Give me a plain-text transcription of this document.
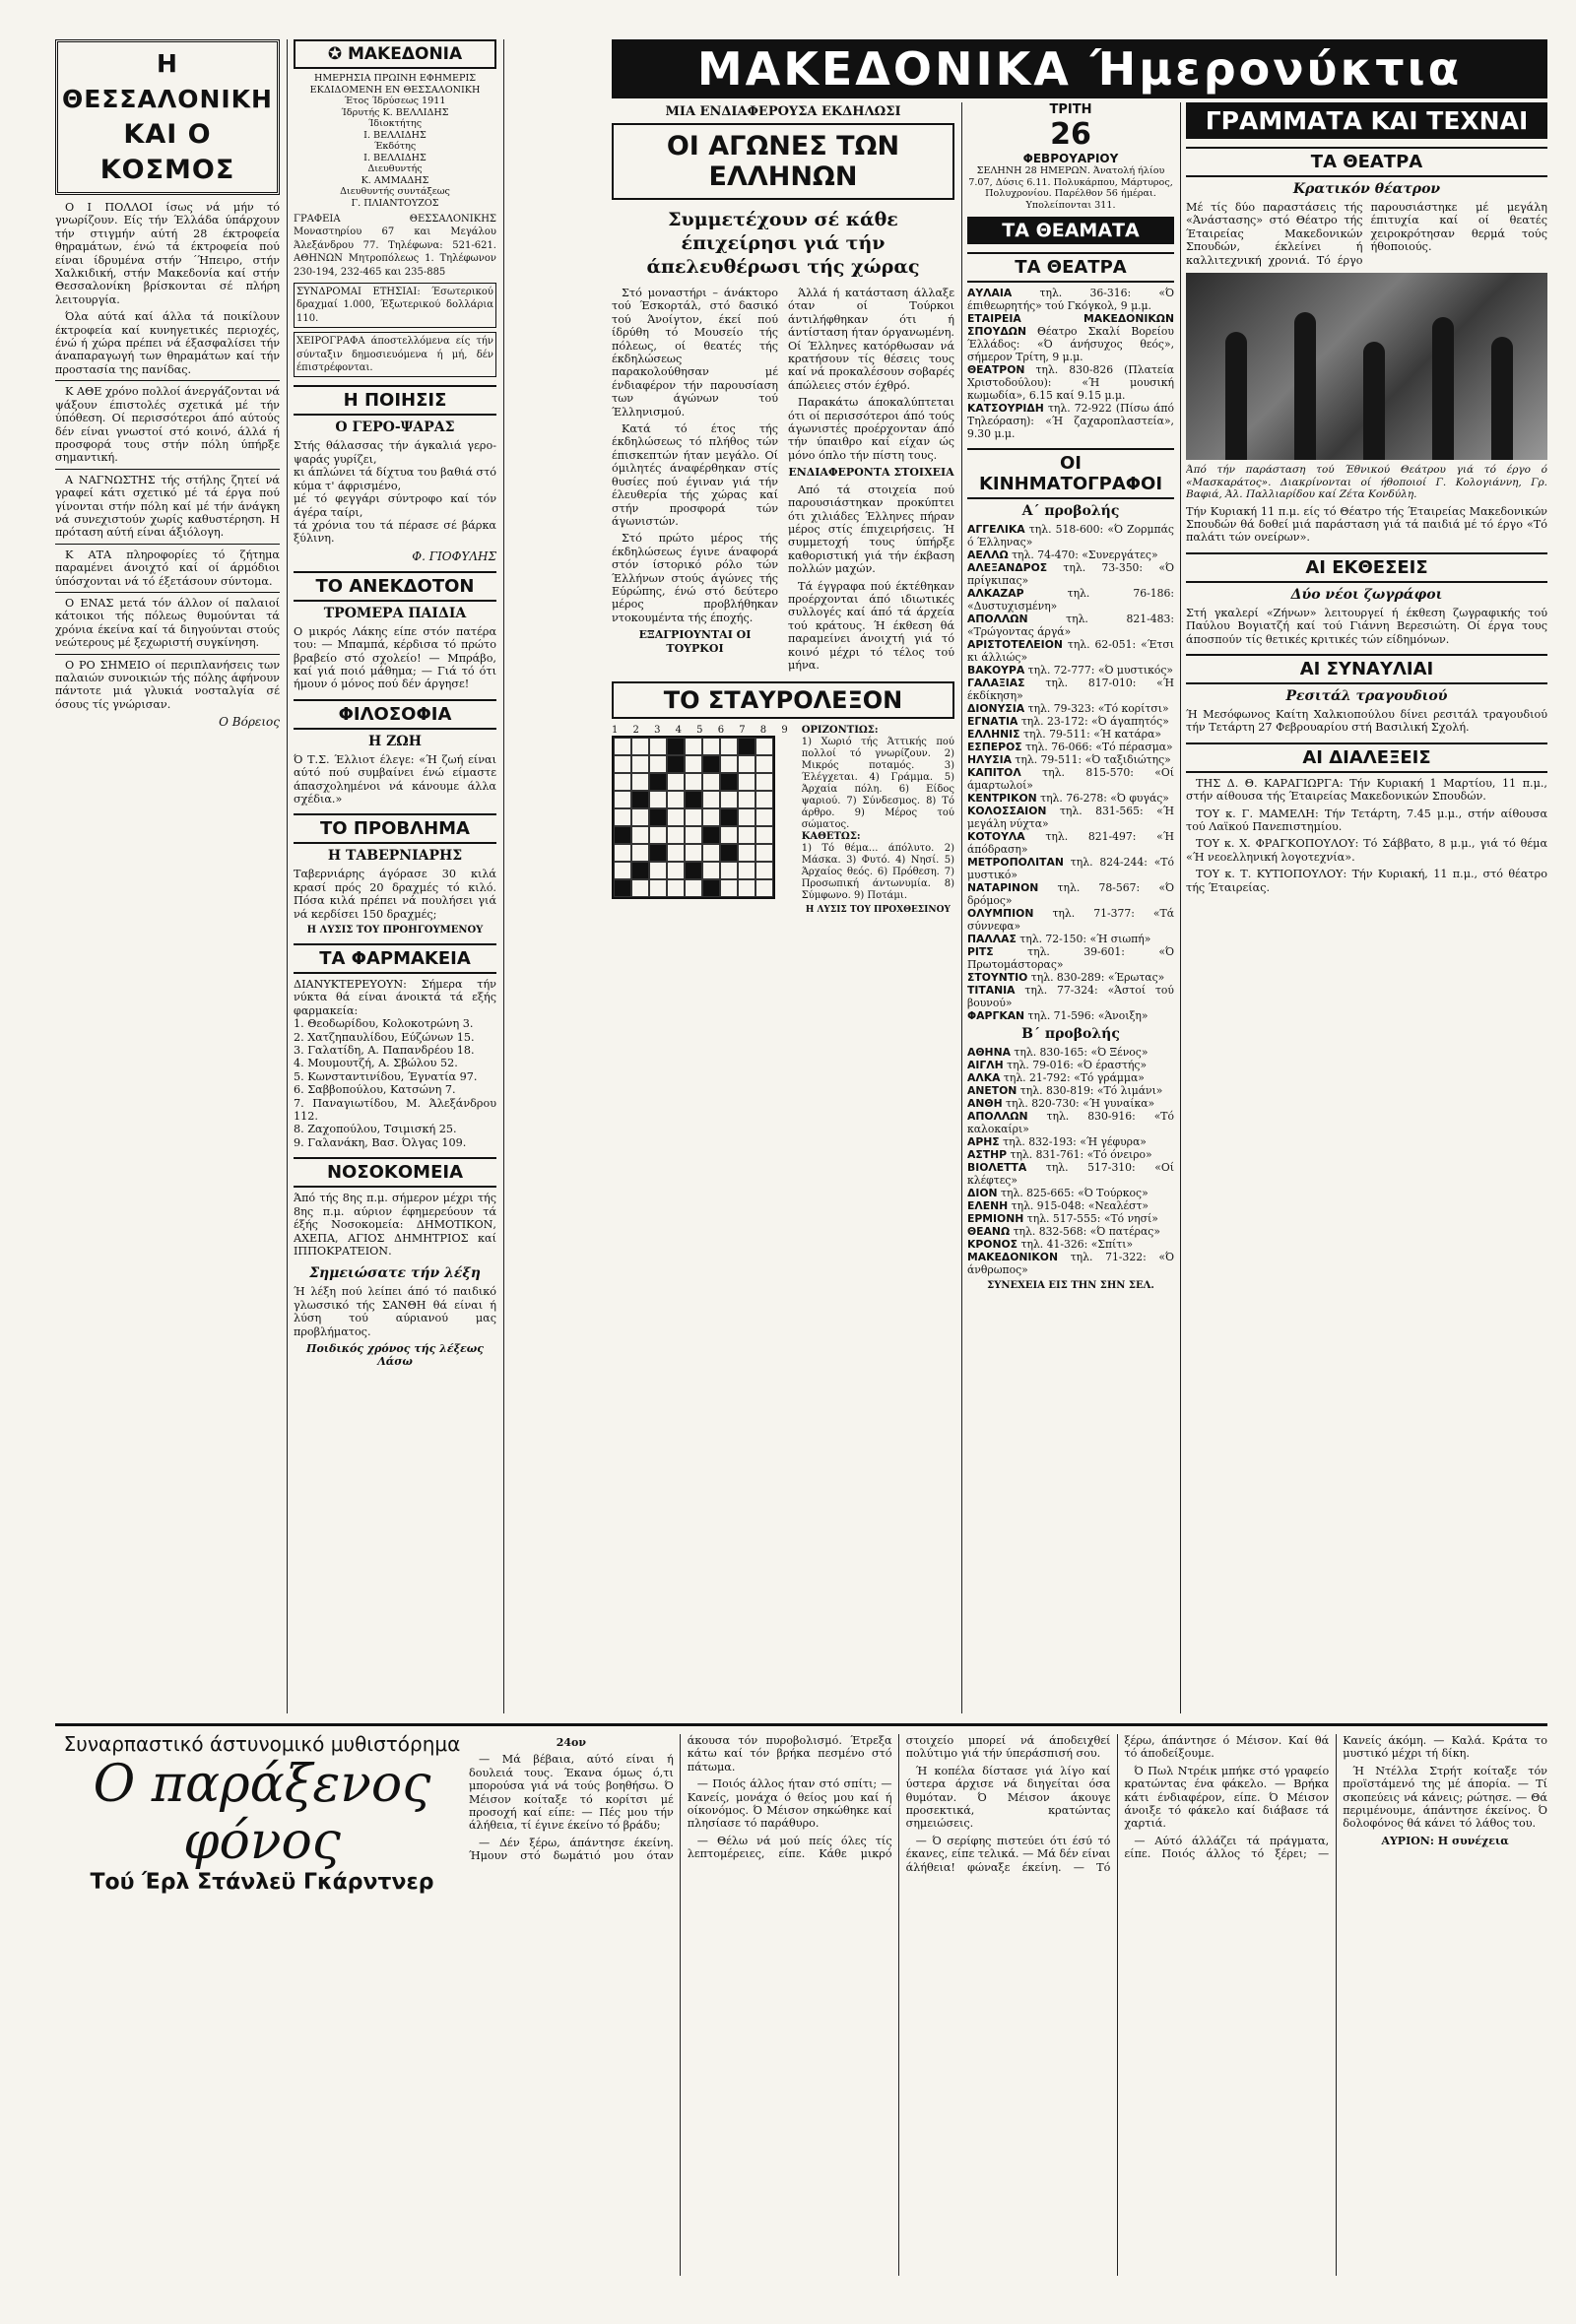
Η ΘΕΣΣΑΛΟΝΙΚΗ
ΚΑΙ Ο ΚΟΣΜΟΣ

Ο Ι ΠΟΛΛΟΙ ίσως νά μήν τό γνωρίζουν. Είς τήν Έλλάδα ύπάρχουν τήν στιγμήν αύτή 28 έκτροφεία θηραμάτων, ένώ τά έκτροφεία πού είναι ίδρυμένα στήν ΄Ήπειρο, στήν Χαλκιδική, στήν Μακεδονία καί στήν Θεσσαλονίκη βρίσκονται σέ πλήρη λειτουργία.

Όλα αύτά καί άλλα τά ποικίλουν έκτροφεία καί κυνηγετικές περιοχές, ένώ ή χώρα πρέπει νά έξασφαλίσει τήν άναπαραγωγή των θηραμάτων καί τήν προστασία της πανίδας.

Κ ΑΘΕ χρόνο πολλοί άνεργάζονται νά ψάξουν έπιστολές σχετικά μέ τήν ύπόθεση. Οί περισσότεροι άπό αύτούς δέν είναι γνωστοί στό κοινό, άλλά ή προσφορά τους στήν πόλη ύπήρξε σημαντική.

Α ΝΑΓΝΩΣΤΗΣ τής στήλης ζητεί νά γραφεί κάτι σχετικό μέ τά έργα πού γίνονται στήν πόλη καί μέ τήν άνάγκη νά συνεχιστούν χωρίς καθυστέρηση. Η πρόταση αύτή είναι άξιόλογη.

Κ ΑΤΑ πληροφορίες τό ζήτημα παραμένει άνοιχτό καί οί άρμόδιοι ύπόσχονται νά τό έξετάσουν σύντομα.

Ο ΕΝΑΣ μετά τόν άλλον οί παλαιοί κάτοικοι τής πόλεως θυμούνται τά χρόνια έκείνα καί τά διηγούνται στούς νεώτερους μέ ξεχωριστή συγκίνηση.

Ο ΡΟ ΣΗΜΕΙΟ οί περιπλανήσεις των παλαιών συνοικιών τής πόλης άφήνουν πάντοτε μιά γλυκιά νοσταλγία σέ όσους τίς γνώρισαν.

Ο Βόρειος
✪ ΜΑΚΕΔΟΝΙΑ
ΗΜΕΡΗΣΙΑ ΠΡΩΙΝΗ ΕΦΗΜΕΡΙΣ
ΕΚΔΙΔΟΜΕΝΗ ΕΝ ΘΕΣΣΑΛΟΝΙΚΗ
Έτος Ίδρύσεως 1911
Ίδρυτής Κ. ΒΕΛΛΙΔΗΣ
Ίδιοκτήτης
Ι. ΒΕΛΛΙΔΗΣ
Έκδότης
Ι. ΒΕΛΛΙΔΗΣ
Διευθυντής
Κ. ΑΜΜΑΔΗΣ
Διευθυντής συντάξεως
Γ. ΠΛΙΑΝΤΟΥΖΟΣ
ΓΡΑΦΕΙΑ ΘΕΣΣΑΛΟΝΙΚΗΣ Μοναστηρίου 67 και Μεγάλου Άλεξάνδρου 77. Τηλέφωνα: 521-621. ΑΘΗΝΩΝ Μητροπόλεως 1. Τηλέφωνον 230-194, 232-465 και 235-885
ΣΥΝΔΡΟΜΑΙ ΕΤΗΣΙΑΙ: Έσωτερικού δραχμαί 1.000, Έξωτερικού δολλάρια 110.
ΧΕΙΡΟΓΡΑΦΑ άποστελλόμενα είς τήν σύνταξιν δημοσιευόμενα ή μή, δέν έπιστρέφονται.
Η ΠΟΙΗΣΙΣ
Ο ΓΕΡΟ-ΨΑΡΑΣ
Στής θάλασσας τήν άγκαλιά γερο-ψαράς γυρίζει,
κι άπλώνει τά δίχτυα του βαθιά στό κύμα τ' άφρισμένο,
μέ τό φεγγάρι σύντροφο καί τόν άγέρα ταίρι,
τά χρόνια του τά πέρασε σέ βάρκα ξύλινη.
Φ. ΓΙΟΦΥΛΗΣ
ΤΟ ΑΝΕΚΔΟΤΟΝ
ΤΡΟΜΕΡΑ ΠΑΙΔΙΑ
Ο μικρός Λάκης είπε στόν πατέρα του: — Μπαμπά, κέρδισα τό πρώτο βραβείο στό σχολείο! — Μπράβο, καί γιά ποιό μάθημα; — Γιά τό ότι ήμουν ό μόνος πού δέν άργησε!
ΦΙΛΟΣΟΦΙΑ
Η ΖΩΗ
Ό Τ.Σ. Έλλιοτ έλεγε: «Ή ζωή είναι αύτό πού συμβαίνει ένώ είμαστε άπασχολημένοι νά κάνουμε άλλα σχέδια.»
ΤΟ ΠΡΟΒΛΗΜΑ
Η ΤΑΒΕΡΝΙΑΡΗΣ
Ταβερνιάρης άγόρασε 30 κιλά κρασί πρός 20 δραχμές τό κιλό. Πόσα κιλά πρέπει νά πουλήσει γιά νά κερδίσει 150 δραχμές;
Η ΛΥΣΙΣ ΤΟΥ ΠΡΟΗΓΟΥΜΕΝΟΥ
ΤΑ ΦΑΡΜΑΚΕΙΑ
ΔΙΑΝΥΚΤΕΡΕΥΟΥΝ: Σήμερα τήν νύκτα θά είναι άνοικτά τά εξής φαρμακεία:
1. Θεοδωρίδου, Κολοκοτρώνη 3.
2. Χατζηπαυλίδου, Εύζώνων 15.
3. Γαλατίδη, Α. Παπανδρέου 18.
4. Μουμουτζή, Α. Σβώλου 52.
5. Κωνσταντινίδου, Έγνατία 97.
6. Σαββοπούλου, Κατσώνη 7.
7. Παναγιωτίδου, Μ. Άλεξάνδρου 112.
8. Ζαχοπούλου, Τσιμισκή 25.
9. Γαλανάκη, Βασ. Όλγας 109.
ΝΟΣΟΚΟΜΕΙΑ
Άπό τής 8ης π.μ. σήμερον μέχρι τής 8ης π.μ. αύριον έφημερεύουν τά έξής Νοσοκομεία: ΔΗΜΟΤΙΚΟΝ, ΑΧΕΠΑ, ΑΓΙΟΣ ΔΗΜΗΤΡΙΟΣ καί ΙΠΠΟΚΡΑΤΕΙΟΝ.
Σημειώσατε τήν λέξη
Ή λέξη πού λείπει άπό τό παιδικό γλωσσικό τής ΣΑΝΘΗ θά είναι ή λύση τού αύριανού μας προβλήματος.
Ποιδικός χρόνος τής λέξεως Λάσω
ΜΑΚΕΔΟΝΙΚΑ Ήμερονύκτια
ΜΙΑ ΕΝΔΙΑΦΕΡΟΥΣΑ ΕΚΔΗΛΩΣΙ
ΟΙ ΑΓΩΝΕΣ ΤΩΝ ΕΛΛΗΝΩΝ
Συμμετέχουν σέ κάθε έπιχείρησι γιά τήν άπελευθέρωσι τής χώρας

Στό μοναστήρι – άνάκτορο τού Έσκορτάλ, στό δασικό τού Άνοίγτον, έκεί πού ίδρύθη τό Μουσείο τής πόλεως, οί θεατές τής έκδηλώσεως παρακολούθησαν μέ ένδιαφέρον τήν παρουσίαση των άγώνων τού Έλληνισμού.

Κατά τό έτος τής έκδηλώσεως τό πλήθος τών έπισκεπτών ήταν μεγάλο. Οί όμιλητές άναφέρθηκαν στίς θυσίες πού έγιναν γιά τήν έλευθερία τής χώρας καί στήν προσφορά τών άγωνιστών.

Στό πρώτο μέρος τής έκδηλώσεως έγινε άναφορά στόν ίστορικό ρόλο τών Έλλήνων στούς άγώνες τής Εύρώπης, ένώ στό δεύτερο μέρος προβλήθηκαν ντοκουμέντα τής έποχής.

ΕΞΑΓΡΙΟΥΝΤΑΙ ΟΙ ΤΟΥΡΚΟΙ

Άλλά ή κατάσταση άλλαξε όταν οί Τούρκοι άντιλήφθηκαν ότι ή άντίσταση ήταν όργανωμένη. Οί Έλληνες κατόρθωσαν νά κρατήσουν τίς θέσεις τους καί νά προκαλέσουν σοβαρές άπώλειες στόν έχθρό.

Παρακάτω άποκαλύπτεται ότι οί περισσότεροι άπό τούς άγωνιστές προέρχονταν άπό τήν ύπαιθρο καί είχαν ώς μόνο όπλο τήν πίστη τους.

ΕΝΔΙΑΦΕΡΟΝΤΑ ΣΤΟΙΧΕΙΑ

Από τά στοιχεία πού παρουσιάστηκαν προκύπτει ότι χιλιάδες Έλληνες πήραν μέρος στίς έπιχειρήσεις. Ή συμμετοχή τους ύπήρξε καθοριστική γιά τήν έκβαση πολλών μαχών.

Τά έγγραφα πού έκτέθηκαν προέρχονται άπό ιδιωτικές συλλογές καί άπό τά άρχεία τού κράτους. Ή έκθεση θά παραμείνει άνοιχτή γιά τό κοινό μέχρι τό τέλος τού μήνα.

ΤΟ ΣΤΑΥΡΟΛΕΞΟΝ
1 2 3 4 5 6 7 8 9 ΟΡΙΖΟΝΤΙΩΣ:
1) Χωριό τής Άττικής πού πολλοί τό γνωρίζουν. 2) Μικρός ποταμός. 3) Έλέγχεται. 4) Γράμμα. 5) Άρχαία πόλη. 6) Είδος ψαριού. 7) Σύνδεσμος. 8) Τό άρθρο. 9) Μέρος τού σώματος.
ΚΑΘΕΤΩΣ:
1) Τό θέμα... άπόλυτο. 2) Μάσκα. 3) Φυτό. 4) Νησί. 5) Άρχαίος θεός. 6) Πρόθεση. 7) Προσωπική άντωνυμία. 8) Σύμφωνο. 9) Ποτάμι.
Η ΛΥΣΙΣ ΤΟΥ ΠΡΟΧΘΕΣΙΝΟΥ
ΤΡΙΤΗ
26
ΦΕΒΡΟΥΑΡΙΟΥ
ΣΕΛΗΝΗ 28 ΗΜΕΡΩΝ. Άνατολή ήλίου 7.07, Δύσις 6.11. Πολυκάρπου, Μάρτυρος, Πολυχρονίου. Παρέλθον 56 ήμέραι. Υπολείπονται 311.
ΤΑ ΘΕΑΜΑΤΑ
ΤΑ ΘΕΑΤΡΑ

ΑΥΛΑΙΑ	τηλ. 36-316: «Ό έπιθεωρητής» τού Γκόγκολ, 9 μ.μ.

ΕΤΑΙΡΕΙΑ ΜΑΚΕΔΟΝΙΚΩΝ ΣΠΟΥΔΩΝ Θέατρο Σκαλί Βορείου Έλλάδος: «Ό άνήσυχος θεός», σήμερον Τρίτη, 9 μ.μ.

ΘΕΑΤΡΟΝ τηλ. 830-826 (Πλατεία Χριστοδούλου): «Ή μουσική κωμωδία», 6.15 καί 9.15 μ.μ.

ΚΑΤΣΟΥΡΙΔΗ τηλ. 72-922 (Πίσω άπό Τηλεόραση): «Ή ζαχαροπλαστεία», 9.30 μ.μ.

ΟΙ ΚΙΝΗΜΑΤΟΓΡΑΦΟΙ
Α΄ προβολής

ΑΓΓΕΛΙΚΑ τηλ. 518-600: «Ό Ζορμπάς ό Έλληνας»

ΑΕΛΛΩ τηλ. 74-470: «Συνεργάτες»

ΑΛΕΞΑΝΔΡΟΣ τηλ. 73-350: «Ό πρίγκιπας»

ΑΛΚΑΖΑΡ	τηλ. 76-186: «Δυστυχισμένη»

ΑΠΟΛΛΩΝ	τηλ. 821-483: «Τρώγοντας άργά»

ΑΡΙΣΤΟΤΕΛΕΙΟΝ τηλ. 62-051: «Έτσι κι άλλιώς»

ΒΑΚΟΥΡΑ τηλ. 72-777: «Ό μυστικός»

ΓΑΛΑΞΙΑΣ τηλ. 817-010: «Ή έκδίκηση»

ΔΙΟΝΥΣΙΑ τηλ. 79-323: «Τό κορίτσι»

ΕΓΝΑΤΙΑ τηλ. 23-172: «Ό άγαπητός»

ΕΛΛΗΝΙΣ τηλ. 79-511: «Ή κατάρα»

ΕΣΠΕΡΟΣ τηλ. 76-066: «Τό πέρασμα»

ΗΛΥΣΙΑ τηλ. 79-511: «Ό ταξιδιώτης»

ΚΑΠΙΤΟΛ τηλ. 815-570: «Οί άμαρτωλοί»

ΚΕΝΤΡΙΚΟΝ τηλ. 76-278: «Ό φυγάς»

ΚΟΛΟΣΣΑΙΟΝ τηλ. 831-565: «Ή μεγάλη νύχτα»

ΚΟΤΟΥΛΑ τηλ. 821-497: «Ή άπόδραση»

ΜΕΤΡΟΠΟΛΙΤΑΝ τηλ. 824-244: «Τό μυστικό»

ΝΑΤΑΡΙΝΟΝ τηλ. 78-567: «Ό δρόμος»

ΟΛΥΜΠΙΟΝ τηλ. 71-377: «Τά σύννεφα»

ΠΑΛΛΑΣ τηλ. 72-150: «Ή σιωπή»

ΡΙΤΣ	τηλ. 39-601: «Ό Πρωτομάστορας»

ΣΤΟΥΝΤΙΟ τηλ. 830-289: «Έρωτας»

ΤΙΤΑΝΙΑ τηλ. 77-324: «Άστοί τού βουνού»

ΦΑΡΓΚΑΝ τηλ. 71-596: «Άνοιξη»

Β΄ προβολής

ΑΘΗΝΑ τηλ. 830-165: «Ό Ξένος»

ΑΙΓΛΗ τηλ. 79-016: «Ό έραστής»

ΑΛΚΑ τηλ. 21-792: «Τό γράμμα»

ΑΝΕΤΟΝ τηλ. 830-819: «Τό λιμάνι»

ΑΝΘΗ τηλ. 820-730: «Ή γυναίκα»

ΑΠΟΛΛΩΝ τηλ. 830-916: «Τό καλοκαίρι»

ΑΡΗΣ τηλ. 832-193: «Ή γέφυρα»

ΑΣΤΗΡ τηλ. 831-761: «Τό όνειρο»

ΒΙΟΛΕΤΤΑ τηλ. 517-310: «Οί κλέφτες»

ΔΙΟΝ τηλ. 825-665: «Ό Τούρκος»

ΕΛΕΝΗ τηλ. 915-048: «Νεαλέστ»

ΕΡΜΙΟΝΗ τηλ. 517-555: «Τό νησί»

ΘΕΑΝΩ τηλ. 832-568: «Ό πατέρας»

ΚΡΟΝΟΣ τηλ. 41-326: «Σπίτι»

ΜΑΚΕΔΟΝΙΚΟΝ τηλ. 71-322: «Ό άνθρωπος»

ΣΥΝΕΧΕΙΑ ΕΙΣ ΤΗΝ ΣΗΝ ΣΕΛ.
ΓΡΑΜΜΑΤΑ ΚΑΙ ΤΕΧΝΑΙ
ΤΑ ΘΕΑΤΡΑ
Κρατικόν θέατρον
Μέ τίς δύο παραστάσεις τής «Άνάστασης» στό Θέατρο τής Έταιρείας Μακεδονικών Σπουδών, έκλείνει ή καλλιτεχνική χρονιά. Τό έργο παρουσιάστηκε μέ μεγάλη έπιτυχία καί οί θεατές χειροκρότησαν θερμά τούς ήθοποιούς.
Άπό τήν παράσταση τού Έθνικού Θεάτρου γιά τό έργο ό «Μασκαράτος». Διακρίνονται οί ήθοποιοί Γ. Κολογιάννη, Γρ. Βαφιά, Άλ. Παλλιαρίδου καί Ζέτα Κονδύλη.
Τήν Κυριακή 11 π.μ. είς τό Θέατρο τής Έταιρείας Μακεδονικών Σπουδών θά δοθεί μιά παράσταση γιά τά παιδιά μέ τό έργο «Τό παλάτι τών ονείρων».
ΑΙ ΕΚΘΕΣΕΙΣ
Δύο νέοι ζωγράφοι
Στή γκαλερί «Ζήνων» λειτουργεί ή έκθεση ζωγραφικής τού Παύλου Βογιατζή καί τού Γιάννη Βερεσιώτη. Οί έργα τους άποσπούν τίς θετικές κριτικές τών είδημόνων.
ΑΙ ΣΥΝΑΥΛΙΑΙ
Ρεσιτάλ τραγουδιού
Ή Μεσόφωνος Καίτη Χαλκιοπούλου δίνει ρεσιτάλ τραγουδιού τήν Τετάρτη 27 Φεβρουαρίου στή Βασιλική Σχολή.
ΑΙ ΔΙΑΛΕΞΕΙΣ

ΤΗΣ Δ. Θ. ΚΑΡΑΓΙΩΡΓΑ: Τήν Κυριακή 1 Μαρτίου, 11 π.μ., στήν αίθουσα τής Έταιρείας Μακεδονικών Σπουδών.

ΤΟΥ κ. Γ. ΜΑΜΕΛΗ: Τήν Τετάρτη, 7.45 μ.μ., στήν αίθουσα τού Λαϊκού Πανεπιστημίου.

ΤΟΥ κ. Χ. ΦΡΑΓΚΟΠΟΥΛΟΥ: Τό Σάββατο, 8 μ.μ., γιά τό θέμα «Ή νεοελληνική λογοτεχνία».

ΤΟΥ κ. Τ. ΚΥΤΙΟΠΟΥΛΟΥ: Τήν Κυριακή, 11 π.μ., στό θέατρο τής Έταιρείας.

Συναρπαστικό άστυνομικό μυθιστόρημα
Ο παράξενος φόνος
Τού Έρλ Στάνλεϋ Γκάρντνερ
24ον

— Μά βέβαια, αύτό είναι ή δουλειά τους. Έκανα όμως ό,τι μπορούσα γιά νά τούς βοηθήσω. Ό Μέισον κοίταξε τό κορίτσι μέ προσοχή καί είπε: — Πές μου τήν άλήθεια, τί έγινε έκείνο τό βράδυ;

— Δέν ξέρω, άπάντησε έκείνη. Ήμουν στό δωμάτιό μου όταν άκουσα τόν πυροβολισμό. Έτρεξα κάτω καί τόν βρήκα πεσμένο στό πάτωμα.

— Ποιός άλλος ήταν στό σπίτι; — Κανείς, μονάχα ό θείος μου καί ή οίκονόμος. Ό Μέισον σηκώθηκε καί πλησίασε τό παράθυρο.

— Θέλω νά μού πείς όλες τίς λεπτομέρειες, είπε. Κάθε μικρό στοιχείο μπορεί νά άποδειχθεί πολύτιμο γιά τήν ύπεράσπισή σου.

Ή κοπέλα δίστασε γιά λίγο καί ύστερα άρχισε νά διηγείται όσα θυμόταν. Ό Μέισον άκουγε προσεκτικά, κρατώντας σημειώσεις.

— Ό σερίφης πιστεύει ότι έσύ τό έκανες, είπε τελικά. — Μά δέν είναι άλήθεια! φώναξε έκείνη. — Τό ξέρω, άπάντησε ό Μέισον. Καί θά τό άποδείξουμε.

Ό Πωλ Ντρέικ μπήκε στό γραφείο κρατώντας ένα φάκελο. — Βρήκα κάτι ένδιαφέρον, είπε. Ό Μέισον άνοιξε τό φάκελο καί διάβασε τά χαρτιά.

— Αύτό άλλάζει τά πράγματα, είπε. Ποιός άλλος τό ξέρει; — Κανείς άκόμη. — Καλά. Κράτα το μυστικό μέχρι τή δίκη.

Ή Ντέλλα Στρήτ κοίταξε τόν προϊστάμενό της μέ άπορία. — Τί σκοπεύεις νά κάνεις; ρώτησε. — Θά περιμένουμε, άπάντησε έκείνος. Ό δολοφόνος θά κάνει τό λάθος του.

ΑΥΡΙΟΝ: Η συνέχεια
